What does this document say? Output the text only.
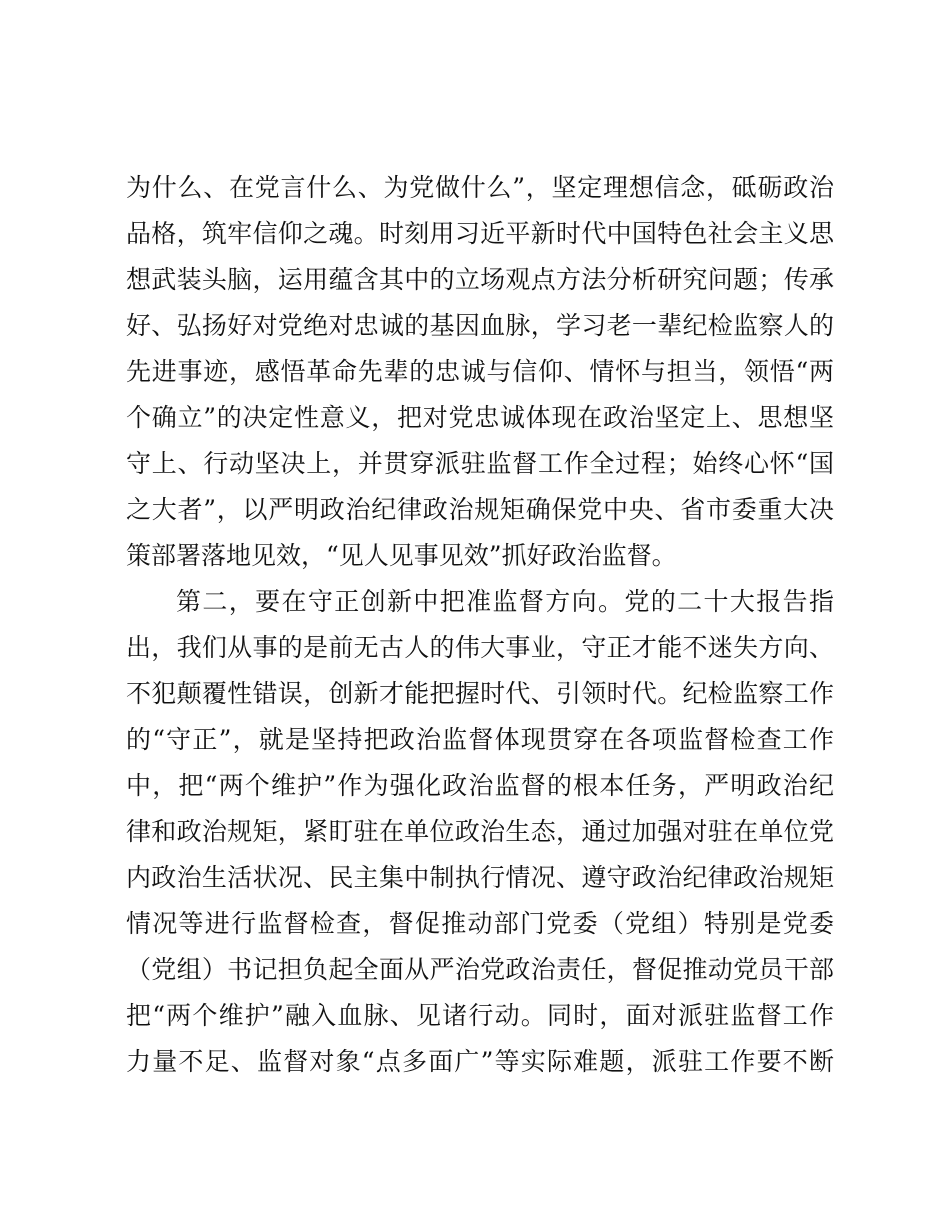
为什么、在党言什么、为党做什么”，坚定理想信念，砥砺政治

品格，筑牢信仰之魂。时刻用习近平新时代中国特色社会主义思

想武装头脑，运用蕴含其中的立场观点方法分析研究问题；传承

好、弘扬好对党绝对忠诚的基因血脉，学习老一辈纪检监察人的

先进事迹，感悟革命先辈的忠诚与信仰、情怀与担当，领悟“两

个确立”的决定性意义，把对党忠诚体现在政治坚定上、思想坚

守上、行动坚决上，并贯穿派驻监督工作全过程；始终心怀“国

之大者”，以严明政治纪律政治规矩确保党中央、省市委重大决

策部署落地见效，“见人见事见效”抓好政治监督。

第二，要在守正创新中把准监督方向。党的二十大报告指

出，我们从事的是前无古人的伟大事业，守正才能不迷失方向、

不犯颠覆性错误，创新才能把握时代、引领时代。纪检监察工作

的“守正”，就是坚持把政治监督体现贯穿在各项监督检查工作

中，把“两个维护”作为强化政治监督的根本任务，严明政治纪

律和政治规矩，紧盯驻在单位政治生态，通过加强对驻在单位党

内政治生活状况、民主集中制执行情况、遵守政治纪律政治规矩

情况等进行监督检查，督促推动部门党委（党组）特别是党委

（党组）书记担负起全面从严治党政治责任，督促推动党员干部

把“两个维护”融入血脉、见诸行动。同时，面对派驻监督工作

力量不足、监督对象“点多面广”等实际难题，派驻工作要不断
